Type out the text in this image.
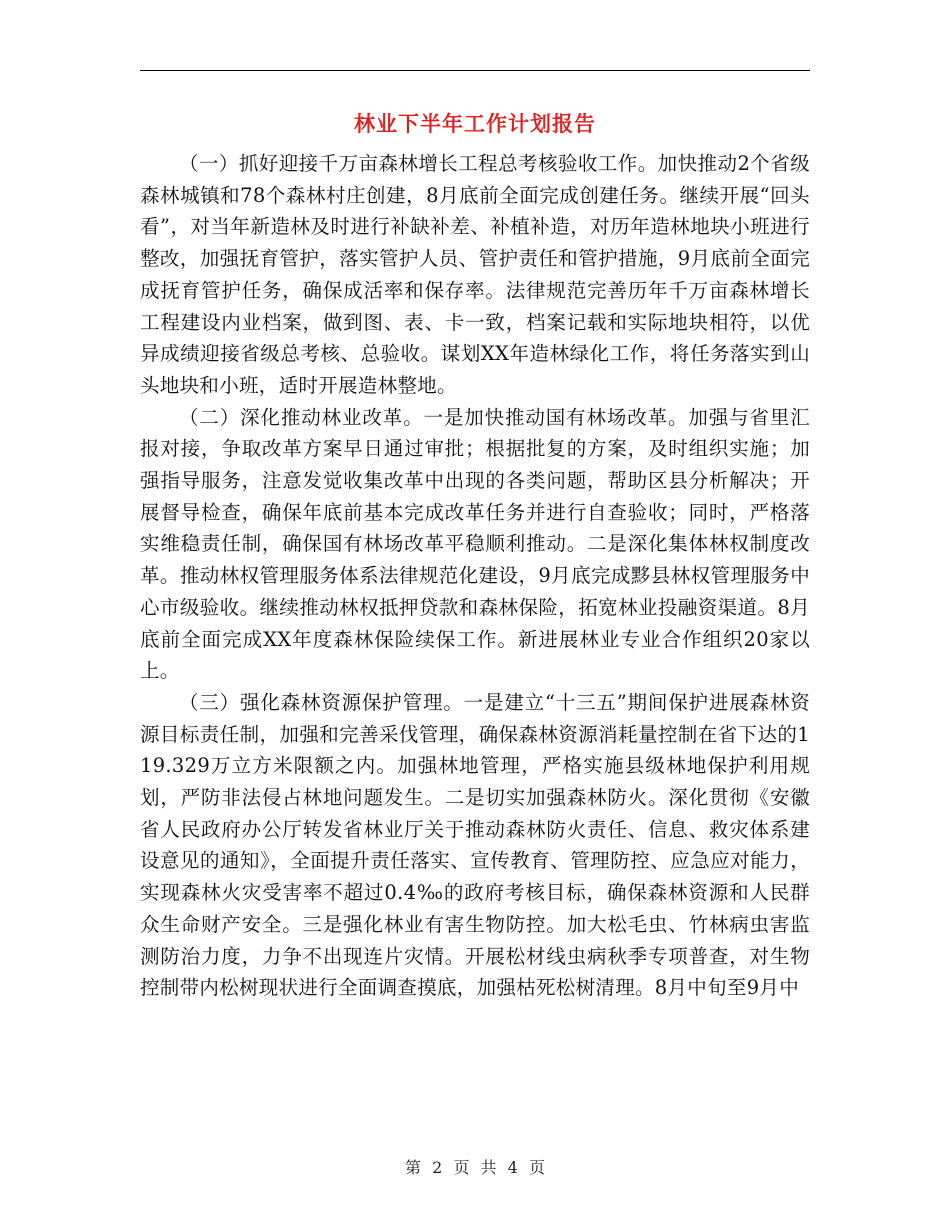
林业下半年工作计划报告

（一）抓好迎接千万亩森林增长工程总考核验收工作。加快推动2个省级森林城镇和78个森林村庄创建，8月底前全面完成创建任务。继续开展“回头看”，对当年新造林及时进行补缺补差、补植补造，对历年造林地块小班进行整改，加强抚育管护，落实管护人员、管护责任和管护措施，9月底前全面完成抚育管护任务，确保成活率和保存率。法律规范完善历年千万亩森林增长工程建设内业档案，做到图、表、卡一致，档案记载和实际地块相符，以优异成绩迎接省级总考核、总验收。谋划XX年造林绿化工作，将任务落实到山头地块和小班，适时开展造林整地。

（二）深化推动林业改革。一是加快推动国有林场改革。加强与省里汇报对接，争取改革方案早日通过审批；根据批复的方案，及时组织实施；加强指导服务，注意发觉收集改革中出现的各类问题，帮助区县分析解决；开展督导检查，确保年底前基本完成改革任务并进行自查验收；同时，严格落实维稳责任制，确保国有林场改革平稳顺利推动。二是深化集体林权制度改革。推动林权管理服务体系法律规范化建设，9月底完成黟县林权管理服务中心市级验收。继续推动林权抵押贷款和森林保险，拓宽林业投融资渠道。8月底前全面完成XX年度森林保险续保工作。新进展林业专业合作组织20家以上。

（三）强化森林资源保护管理。一是建立“十三五”期间保护进展森林资源目标责任制，加强和完善采伐管理，确保森林资源消耗量控制在省下达的119.329万立方米限额之内。加强林地管理，严格实施县级林地保护利用规划，严防非法侵占林地问题发生。二是切实加强森林防火。深化贯彻《安徽省人民政府办公厅转发省林业厅关于推动森林防火责任、信息、救灾体系建设意见的通知》，全面提升责任落实、宣传教育、管理防控、应急应对能力，实现森林火灾受害率不超过0.4‰的政府考核目标，确保森林资源和人民群众生命财产安全。三是强化林业有害生物防控。加大松毛虫、竹林病虫害监测防治力度，力争不出现连片灾情。开展松材线虫病秋季专项普查，对生物控制带内松树现状进行全面调查摸底，加强枯死松树清理。8月中旬至9月中

第 2 页 共 4 页
